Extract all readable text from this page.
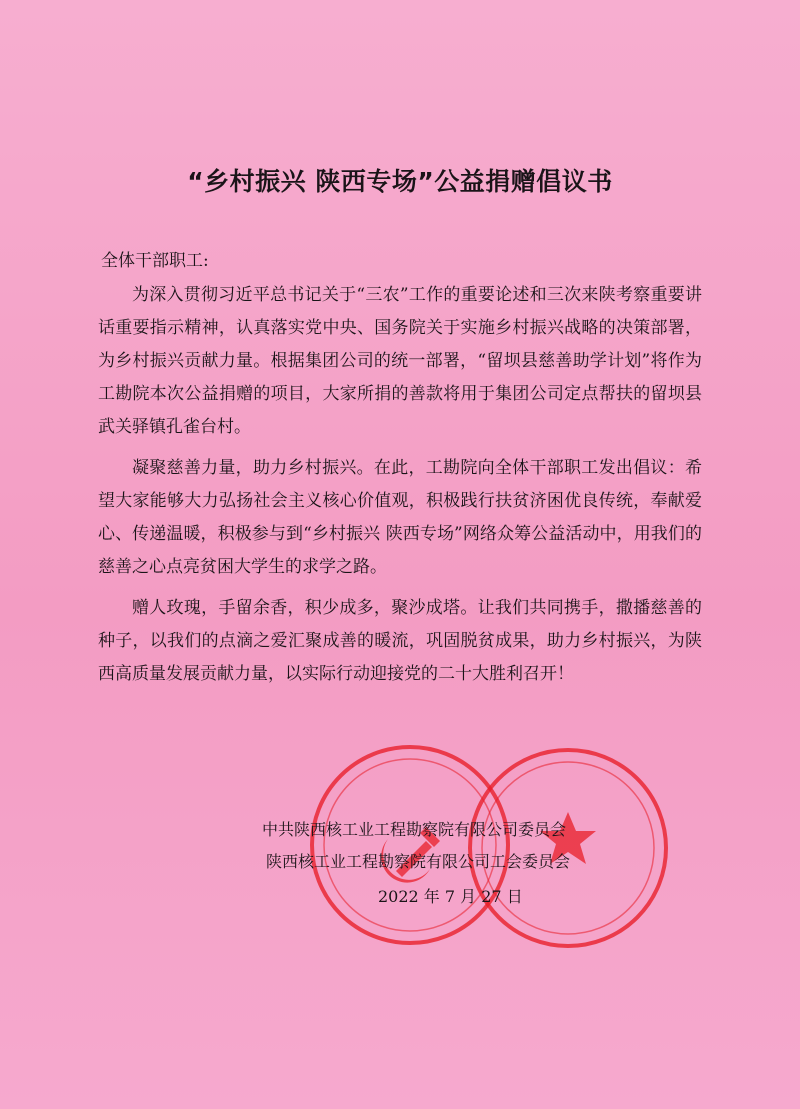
“乡村振兴 陕西专场”公益捐赠倡议书
全体干部职工:

为深入贯彻习近平总书记关于“三农”工作的重要论述和三次来陕考察重要讲话重要指示精神，认真落实党中央、国务院关于实施乡村振兴战略的决策部署，为乡村振兴贡献力量。根据集团公司的统一部署，“留坝县慈善助学计划”将作为工勘院本次公益捐赠的项目，大家所捐的善款将用于集团公司定点帮扶的留坝县武关驿镇孔雀台村。

凝聚慈善力量，助力乡村振兴。在此，工勘院向全体干部职工发出倡议：希望大家能够大力弘扬社会主义核心价值观，积极践行扶贫济困优良传统，奉献爱心、传递温暖，积极参与到“乡村振兴 陕西专场”网络众筹公益活动中，用我们的慈善之心点亮贫困大学生的求学之路。

赠人玫瑰，手留余香，积少成多，聚沙成塔。让我们共同携手，撒播慈善的种子，以我们的点滴之爱汇聚成善的暖流，巩固脱贫成果，助力乡村振兴，为陕西高质量发展贡献力量，以实际行动迎接党的二十大胜利召开！

中共陕西核工业工程勘察院有限公司委员会
陕西核工业工程勘察院有限公司工会委员会
2022 年 7 月 27 日
